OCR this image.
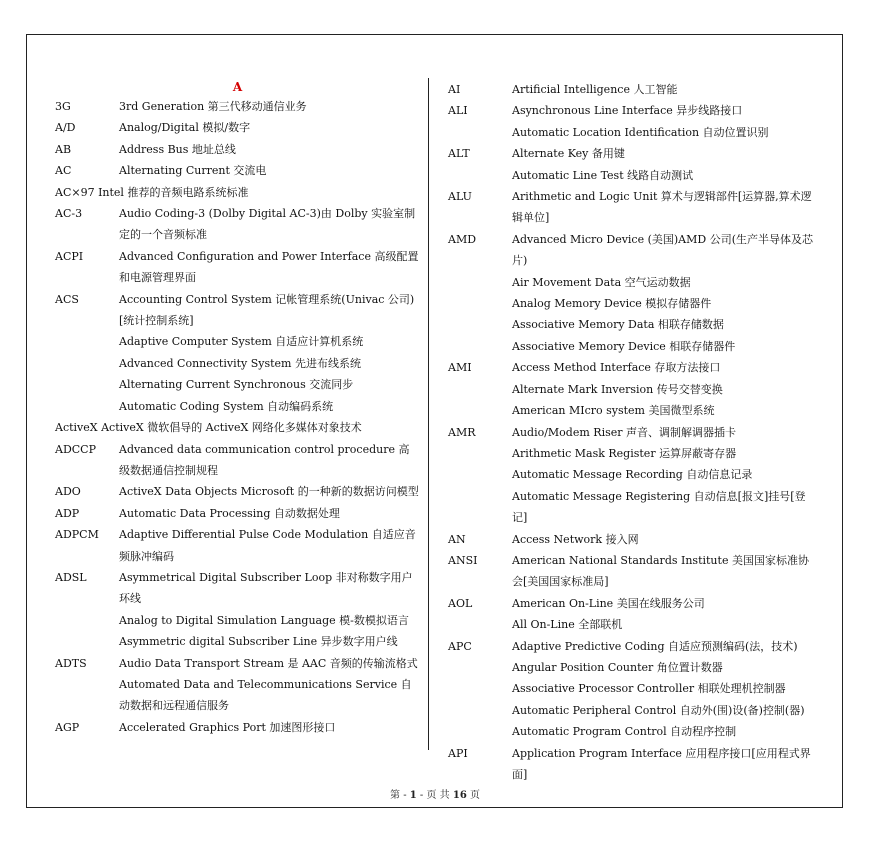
A
3G	3rd Generation 第三代移动通信业务
A/D	Analog/Digital 模拟/数字
AB	Address Bus 地址总线
AC	Alternating Current 交流电
AC×97 Intel 推荐的音频电路系统标准
AC-3	Audio Coding-3 (Dolby Digital AC-3)由 Dolby 实验室制定的一个音频标准
ACPI	Advanced Configuration and Power Interface 高级配置和电源管理界面
ACS	Accounting Control System 记帐管理系统(Univac 公司)[统计控制系统]
Adaptive Computer System 自适应计算机系统
Advanced Connectivity System 先进布线系统
Alternating Current Synchronous 交流同步
Automatic Coding System 自动编码系统
ActiveX ActiveX 微软倡导的 ActiveX 网络化多媒体对象技术
ADCCP	Advanced data communication control procedure 高级数据通信控制规程
ADO	ActiveX Data Objects Microsoft 的一种新的数据访问模型
ADP	Automatic Data Processing 自动数据处理
ADPCM	Adaptive Differential Pulse Code Modulation 自适应音频脉冲编码
ADSL	Asymmetrical Digital Subscriber Loop 非对称数字用户环线
Analog to Digital Simulation Language 模-数模拟语言
Asymmetric digital Subscriber Line 异步数字用户线
ADTS	Audio Data Transport Stream 是 AAC 音频的传输流格式
Automated Data and Telecommunications Service 自动数据和远程通信服务
AGP	Accelerated Graphics Port 加速图形接口
AI	Artificial Intelligence 人工智能
ALI	Asynchronous Line Interface 异步线路接口
Automatic Location Identification 自动位置识别
ALT	Alternate Key 备用键
Automatic Line Test 线路自动测试
ALU	Arithmetic and Logic Unit 算术与逻辑部件[运算器,算术逻辑单位]
AMD	Advanced Micro Device (美国)AMD 公司(生产半导体及芯片)
Air Movement Data 空气运动数据
Analog Memory Device 模拟存储器件
Associative Memory Data 相联存储数据
Associative Memory Device 相联存储器件
AMI	Access Method Interface 存取方法接口
Alternate Mark Inversion 传号交替变换
American MIcro system 美国微型系统
AMR	Audio/Modem Riser 声音、调制解调器插卡
Arithmetic Mask Register 运算屏蔽寄存器
Automatic Message Recording 自动信息记录
Automatic Message Registering 自动信息[报文]挂号[登记]
AN	Access Network 接入网
ANSI	American National Standards Institute 美国国家标准协会[美国国家标准局]
AOL	American On-Line 美国在线服务公司
All On-Line 全部联机
APC	Adaptive Predictive Coding 自适应预测编码(法，技术)
Angular Position Counter 角位置计数器
Associative Processor Controller 相联处理机控制器
Automatic Peripheral Control 自动外(围)设(备)控制(器)
Automatic Program Control 自动程序控制
API	Application Program Interface 应用程序接口[应用程式界面]
第 - 1 - 页 共 16 页
